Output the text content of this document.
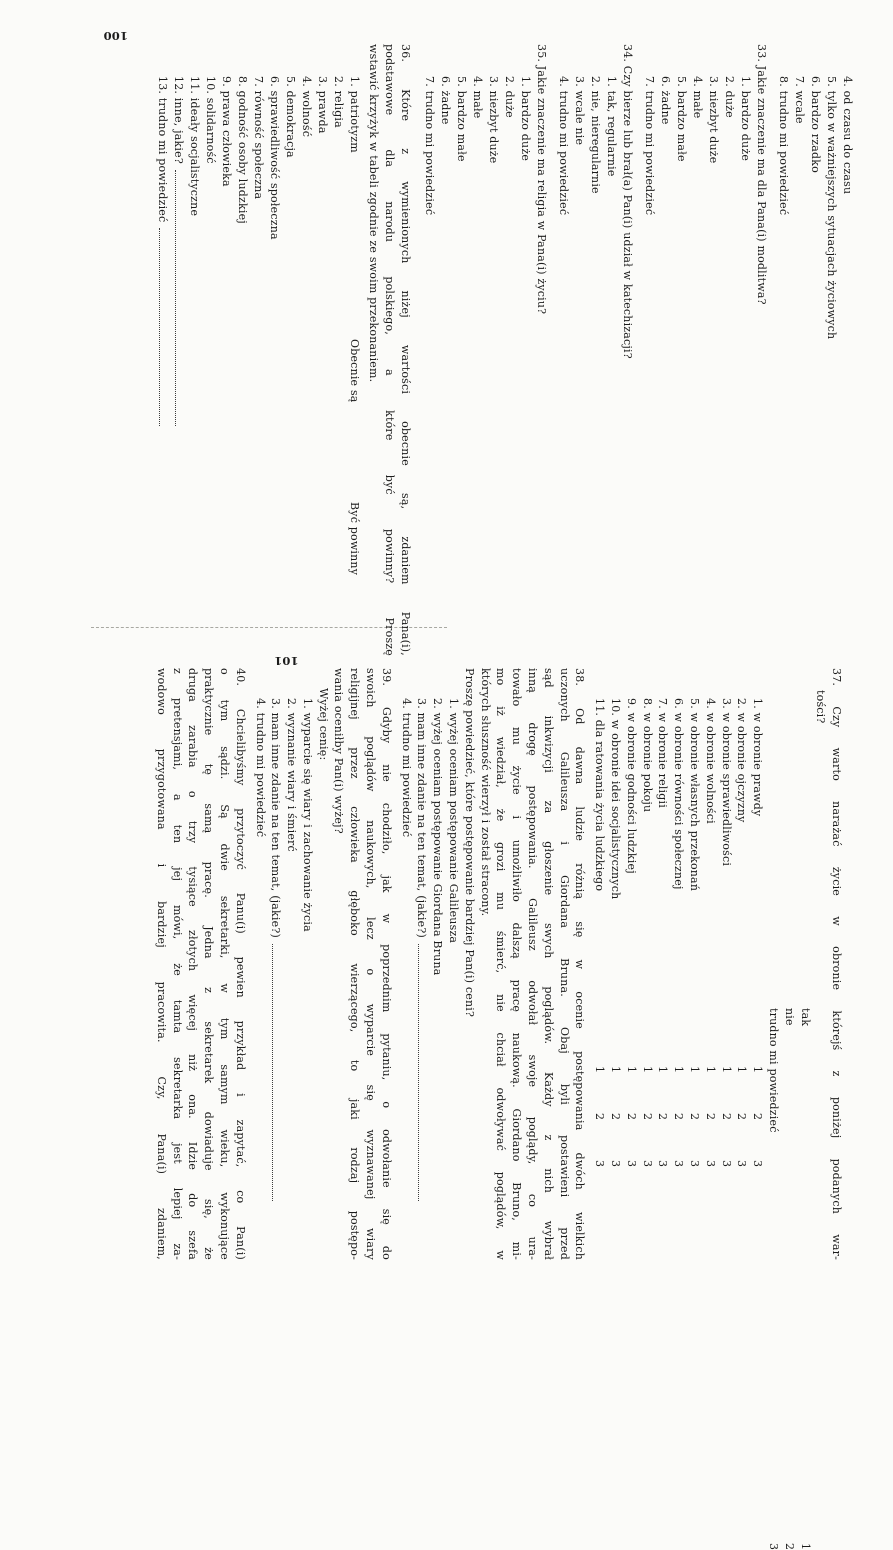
4. od czasu do czasu
5. tylko w ważniejszych sytuacjach życiowych
6. bardzo rzadko
7. wcale
8. trudno mi powiedzieć
33. Jakie znaczenie ma dla Pana(i) modlitwa?
1. bardzo duże
2. duże
3. niezbyt duże
4. małe
5. bardzo małe
6. żadne
7. trudno mi powiedzieć
34. Czy bierze lub brał(a) Pan(i) udział w katechizacji?
1. tak, regularnie
2. nie, nieregularnie
3. wcale nie
4. trudno mi powiedzieć
35. Jakie znaczenie ma religia w Pana(i) życiu?
1. bardzo duże
2. duże
3. niezbyt duże
4. małe
5. bardzo małe
6. żadne
7. trudno mi powiedzieć
36. Które z wymienionych niżej wartości obecnie są, zdaniem Pana(i),
podstawowe dla narodu polskiego, a które być powinny? Proszę
wstawić krzyżyk w tabeli zgodnie ze swoim przekonaniem.
Obecnie są
Być powinny
1. patriotyzm
2. religia
3. prawda
4. wolność
5. demokracja
6. sprawiedliwość społeczna
7. równość społeczna
8. godność osoby ludzkiej
9. prawa człowieka
10. solidarność
11. ideały socjalistyczne
12. inne, jakie?
13. trudno mi powiedzieć
100
101
37. Czy warto narażać życie w obronie którejś z poniżej podanych war-
tości?
tak
1
nie
2
trudno mi powiedzieć
3
1. w obronie prawdy
1
2
3
2. w obronie ojczyzny
1
2
3
3. w obronie sprawiedliwości
1
2
3
4. w obronie wolności
1
2
3
5. w obronie własnych przekonań
1
2
3
6. w obronie równości społecznej
1
2
3
7. w obronie religii
1
2
3
8. w obronie pokoju
1
2
3
9. w obronie godności ludzkiej
1
2
3
10. w obronie idei socjalistycznych
1
2
3
11. dla ratowania życia ludzkiego
1
2
3
38. Od dawna ludzie różnią się w ocenie postępowania dwóch wielkich
uczonych Galileusza i Giordana Bruna. Obaj byli postawieni przed
sąd inkwizycji za głoszenie swych poglądów. Każdy z nich wybrał
inną drogę postępowania. Galileusz odwołał swoje poglądy, co ura-
towało mu życie i umożliwiło dalszą pracę naukową. Giordano Bruno, mi-
mo iż wiedział, że grozi mu śmierć, nie chciał odwoływać poglądów, w
których słuszność wierzył i został stracony.
Proszę powiedzieć, które postępowanie bardziej Pan(i) ceni?
1. wyżej oceniam postępowanie Galileusza
2. wyżej oceniam postępowanie Giordana Bruna
3. mam inne zdanie na ten temat, (jakie?)
4. trudno mi powiedzieć
39. Gdyby nie chodziło, jak w poprzednim pytaniu, o odwołanie się do
swoich poglądów naukowych, lecz o wyparcie się wyznawanej wiary
religijnej przez człowieka głęboko wierzącego, to jaki rodzaj postępo-
wania oceniłby Pan(i) wyżej?
Wyżej cenię:
1. wyparcie się wiary i zachowanie życia
2. wyznanie wiary i śmierć
3. mam inne zdanie na ten temat, (jakie?)
4. trudno mi powiedzieć
40. Chcielibyśmy przytoczyć Panu(i) pewien przykład i zapytać, co Pan(i)
o tym sądzi. Są dwie sekretarki, w tym samym wieku, wykonujące
praktycznie tę samą pracę. Jedna z sekretarek dowiaduje się, że
druga zarabia o trzy tysiące złotych więcej niż ona. Idzie do szefa
z pretensjami, a ten jej mówi, że tamta sekretarka jest lepiej za-
wodowo przygotowana i bardziej pracowita. Czy, Pana(i) zdaniem,
